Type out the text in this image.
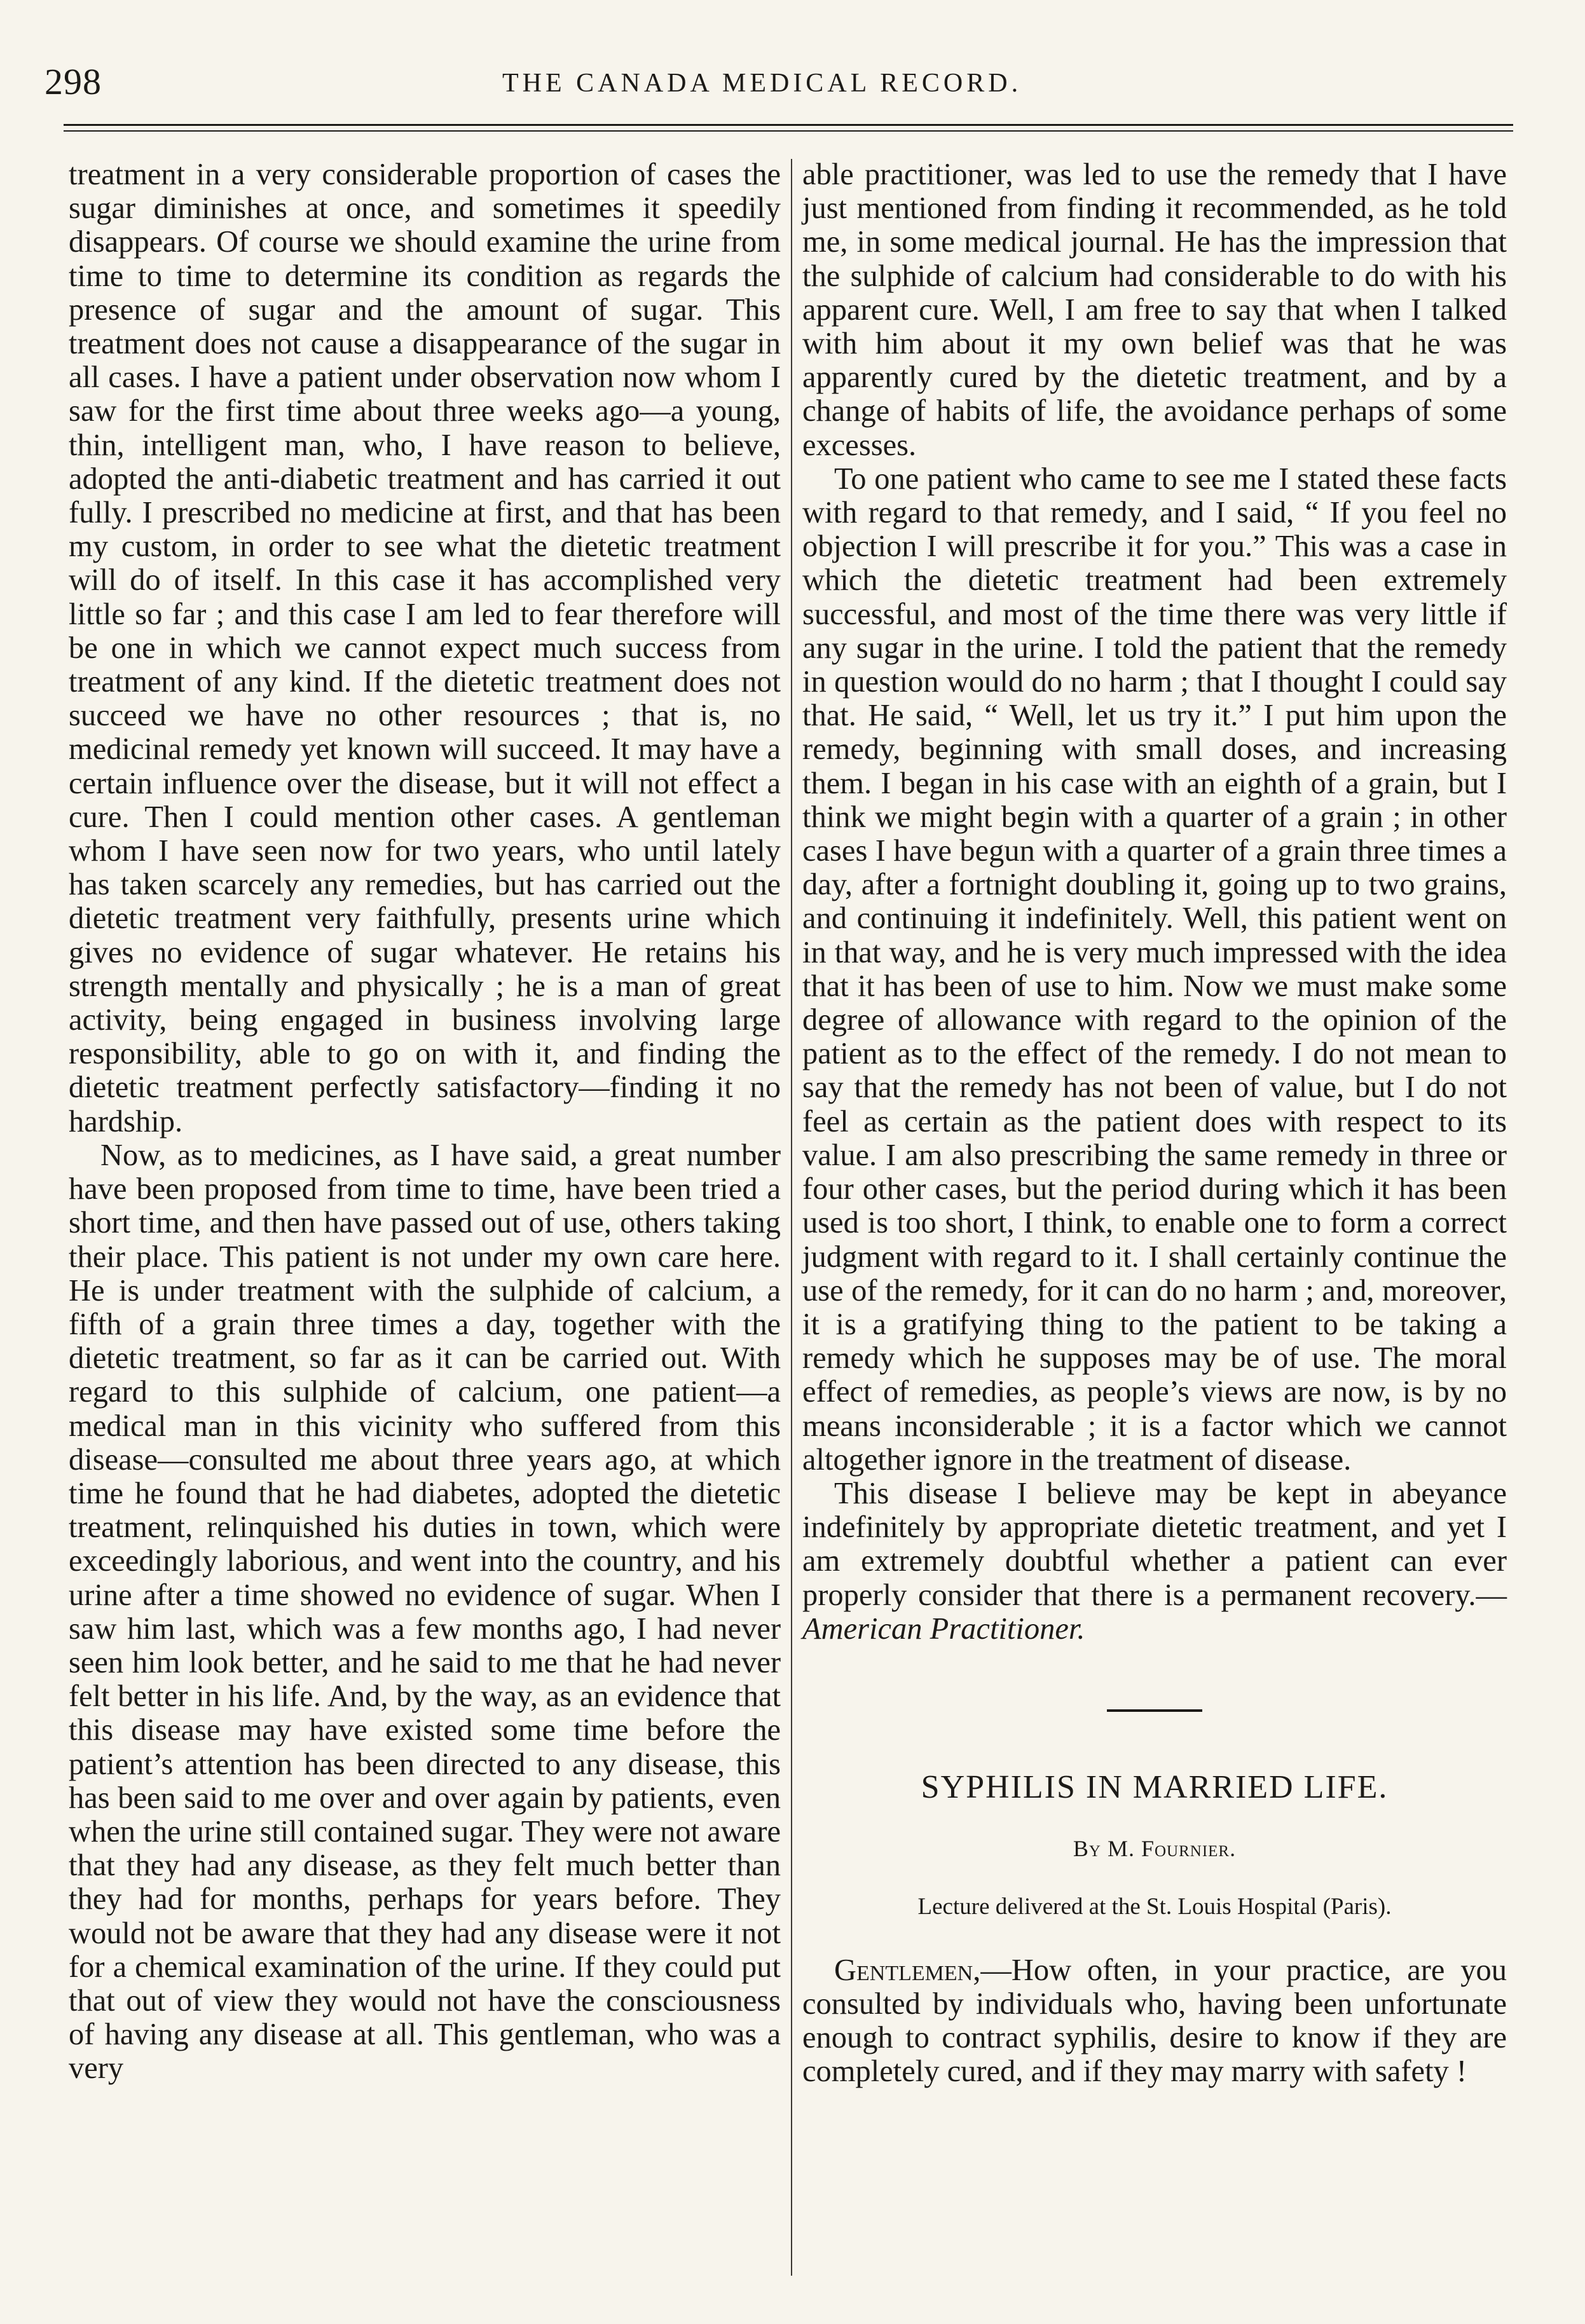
298	THE CANADA MEDICAL RECORD.

treatment in a very considerable proportion of cases the sugar diminishes at once, and sometimes it speedily disappears. Of course we should examine the urine from time to time to determine its condition as regards the presence of sugar and the amount of sugar. This treatment does not cause a disappearance of the sugar in all cases. I have a patient under observation now whom I saw for the first time about three weeks ago—a young, thin, intelligent man, who, I have reason to believe, adopted the anti-diabetic treatment and has carried it out fully. I prescribed no medicine at first, and that has been my custom, in order to see what the dietetic treatment will do of itself. In this case it has accomplished very little so far ; and this case I am led to fear therefore will be one in which we cannot expect much success from treatment of any kind. If the dietetic treatment does not succeed we have no other resources ; that is, no medicinal remedy yet known will succeed. It may have a certain influence over the disease, but it will not effect a cure. Then I could mention other cases. A gentleman whom I have seen now for two years, who until lately has taken scarcely any remedies, but has carried out the dietetic treatment very faithfully, presents urine which gives no evidence of sugar whatever. He retains his strength mentally and physically ; he is a man of great activity, being engaged in business involving large responsibility, able to go on with it, and finding the dietetic treatment perfectly satisfactory—finding it no hardship.

Now, as to medicines, as I have said, a great number have been proposed from time to time, have been tried a short time, and then have passed out of use, others taking their place. This patient is not under my own care here. He is under treatment with the sulphide of calcium, a fifth of a grain three times a day, together with the dietetic treatment, so far as it can be carried out. With regard to this sulphide of calcium, one patient—a medical man in this vicinity who suffered from this disease—consulted me about three years ago, at which time he found that he had diabetes, adopted the dietetic treatment, relinquished his duties in town, which were exceedingly laborious, and went into the country, and his urine after a time showed no evidence of sugar. When I saw him last, which was a few months ago, I had never seen him look better, and he said to me that he had never felt better in his life. And, by the way, as an evidence that this disease may have existed some time before the patient’s attention has been directed to any disease, this has been said to me over and over again by patients, even when the urine still contained sugar. They were not aware that they had any disease, as they felt much better than they had for months, perhaps for years before. They would not be aware that they had any disease were it not for a chemical examination of the urine. If they could put that out of view they would not have the consciousness of having any disease at all. This gentleman, who was a very

able practitioner, was led to use the remedy that I have just mentioned from finding it recommended, as he told me, in some medical journal. He has the impression that the sulphide of calcium had considerable to do with his apparent cure. Well, I am free to say that when I talked with him about it my own belief was that he was apparently cured by the dietetic treatment, and by a change of habits of life, the avoidance perhaps of some excesses.

To one patient who came to see me I stated these facts with regard to that remedy, and I said, “ If you feel no objection I will prescribe it for you.” This was a case in which the dietetic treatment had been extremely successful, and most of the time there was very little if any sugar in the urine. I told the patient that the remedy in question would do no harm ; that I thought I could say that. He said, “ Well, let us try it.” I put him upon the remedy, beginning with small doses, and increasing them. I began in his case with an eighth of a grain, but I think we might begin with a quarter of a grain ; in other cases I have begun with a quarter of a grain three times a day, after a fortnight doubling it, going up to two grains, and continuing it indefinitely. Well, this patient went on in that way, and he is very much impressed with the idea that it has been of use to him. Now we must make some degree of allowance with regard to the opinion of the patient as to the effect of the remedy. I do not mean to say that the remedy has not been of value, but I do not feel as certain as the patient does with respect to its value. I am also prescribing the same remedy in three or four other cases, but the period during which it has been used is too short, I think, to enable one to form a correct judgment with regard to it. I shall certainly continue the use of the remedy, for it can do no harm ; and, moreover, it is a gratifying thing to the patient to be taking a remedy which he supposes may be of use. The moral effect of remedies, as people’s views are now, is by no means inconsiderable ; it is a factor which we cannot altogether ignore in the treatment of disease.

This disease I believe may be kept in abeyance indefinitely by appropriate dietetic treatment, and yet I am extremely doubtful whether a patient can ever properly consider that there is a permanent recovery.—American Practitioner.

SYPHILIS IN MARRIED LIFE.
By M. Fournier.
Lecture delivered at the St. Louis Hospital (Paris).

Gentlemen,—How often, in your practice, are you consulted by individuals who, having been unfortunate enough to contract syphilis, desire to know if they are completely cured, and if they may marry with safety !
